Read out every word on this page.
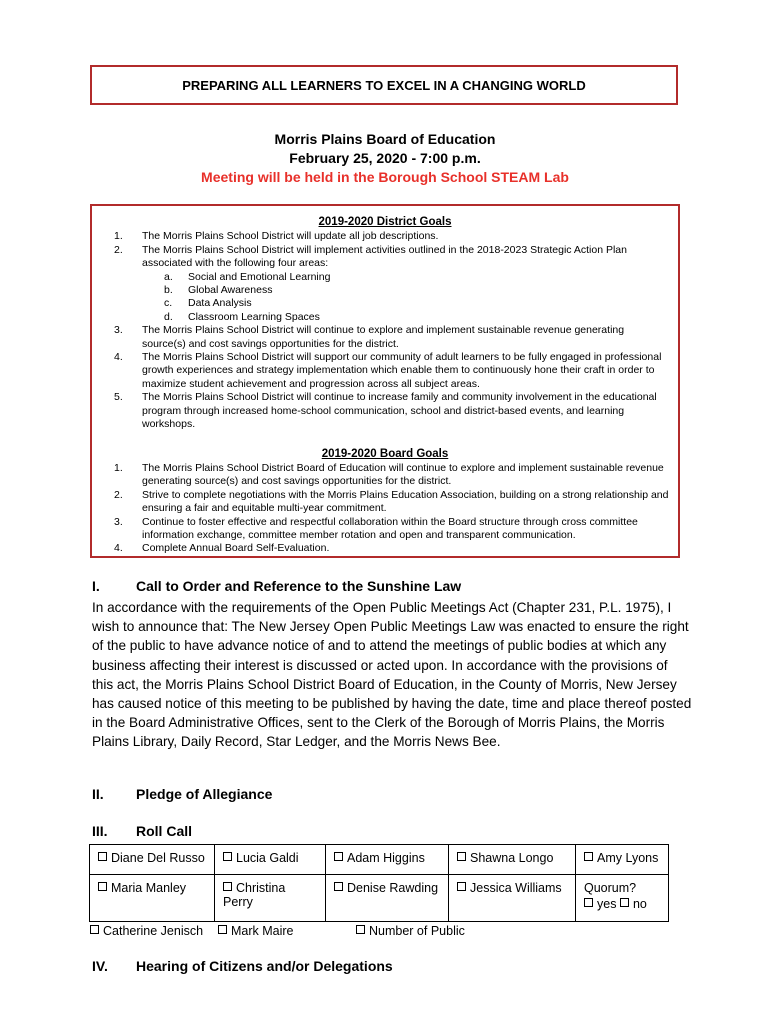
PREPARING ALL LEARNERS TO EXCEL IN A CHANGING WORLD
Morris Plains Board of Education
February 25, 2020 - 7:00 p.m.
Meeting will be held in the Borough School STEAM Lab
2019-2020 District Goals
1.	The Morris Plains School District will update all job descriptions.
2.	The Morris Plains School District will implement activities outlined in the 2018-2023 Strategic Action Plan associated with the following four areas:
a.	Social and Emotional Learning
b.	Global Awareness
c.	Data Analysis
d.	Classroom Learning Spaces
3.	The Morris Plains School District will continue to explore and implement sustainable revenue generating source(s) and cost savings opportunities for the district.
4.	The Morris Plains School District will support our community of adult learners to be fully engaged in professional growth experiences and strategy implementation which enable them to continuously hone their craft in order to maximize student achievement and progression across all subject areas.
5.	The Morris Plains School District will continue to increase family and community involvement in the educational program through increased home-school communication, school and district-based events, and learning workshops.
2019-2020 Board Goals
1.	The Morris Plains School District Board of Education will continue to explore and implement sustainable revenue generating source(s) and cost savings opportunities for the district.
2.	Strive to complete negotiations with the Morris Plains Education Association, building on a strong relationship and ensuring a fair and equitable multi-year commitment.
3.	Continue to foster effective and respectful collaboration within the Board structure through cross committee information exchange, committee member rotation and open and transparent communication.
4.	Complete Annual Board Self-Evaluation.
I.	Call to Order and Reference to the Sunshine Law
In accordance with the requirements of the Open Public Meetings Act (Chapter 231, P.L. 1975), I wish to announce that: The New Jersey Open Public Meetings Law was enacted to ensure the right of the public to have advance notice of and to attend the meetings of public bodies at which any business affecting their interest is discussed or acted upon. In accordance with the provisions of this act, the Morris Plains School District Board of Education, in the County of Morris, New Jersey has caused notice of this meeting to be published by having the date, time and place thereof posted in the Board Administrative Offices, sent to the Clerk of the Borough of Morris Plains, the Morris Plains Library, Daily Record, Star Ledger, and the Morris News Bee.
II. Pledge of Allegiance
III. Roll Call
Diane Del Russo	Lucia Galdi	Adam Higgins	Shawna Longo	Amy Lyons
Maria Manley	Christina Perry	Denise Rawding	Jessica Williams	Quorum?
yes no
Catherine Jenisch	Mark Maire	Number of Public
IV. Hearing of Citizens and/or Delegations
